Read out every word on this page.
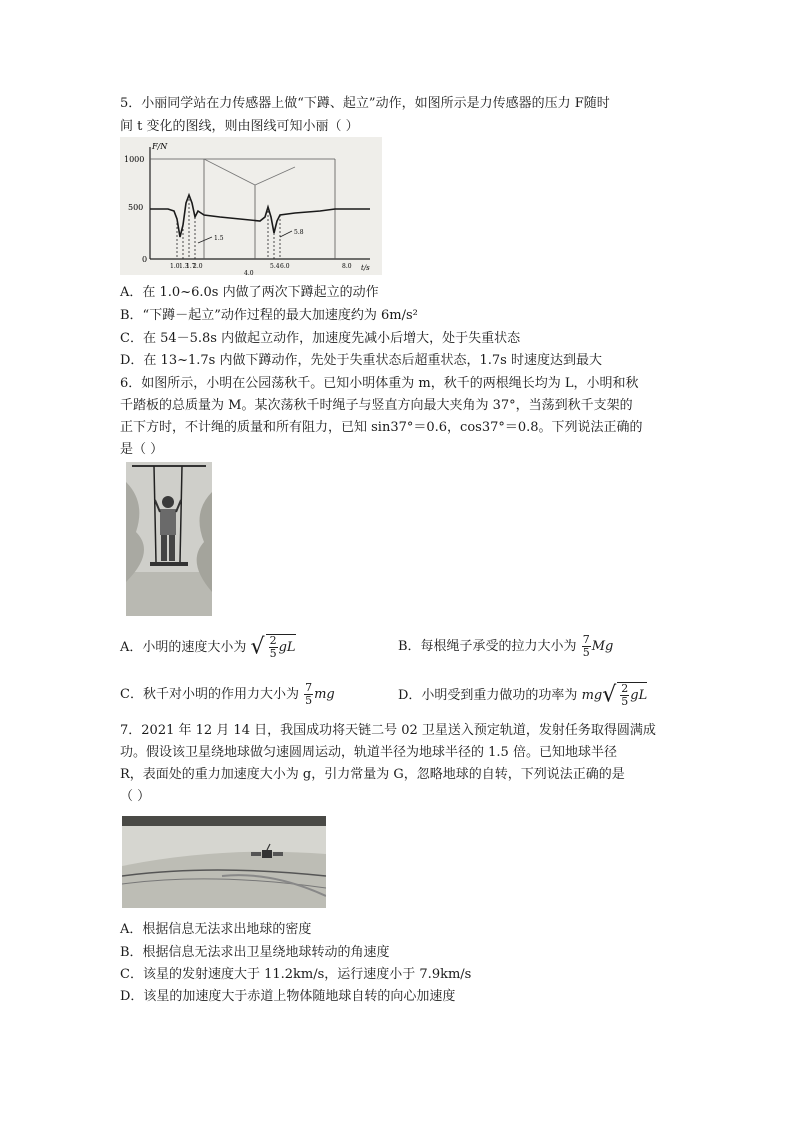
5．小丽同学站在力传感器上做“下蹲、起立”动作，如图所示是力传感器的压力 F随时
间 t 变化的图线，则由图线可知小丽（ ）
F/N
1000
500
0
t/s
1.0 1.3
1.5
1.7
2.0
4.0
5.4
5.8
6.0	8.0
A．在 1.0~6.0s 内做了两次下蹲起立的动作
B．“下蹲－起立”动作过程的最大加速度约为 6m/s²
C．在 54－5.8s 内做起立动作，加速度先减小后增大，处于失重状态
D．在 13~1.7s 内做下蹲动作，先处于失重状态后超重状态，1.7s 时速度达到最大
6．如图所示，小明在公园荡秋千。已知小明体重为 m，秋千的两根绳长均为 L，小明和秋
千踏板的总质量为 M。某次荡秋千时绳子与竖直方向最大夹角为 37°，当荡到秋千支架的
正下方时，不计绳的质量和所有阻力，已知 sin37°＝0.6，cos37°＝0.8。下列说法正确的
是（ ）
A．小明的速度大小为 √ $\frac{2}{5}$ gL	B．每根绳子承受的拉力大小为 $\frac{7}{5}$ Mg
C．秋千对小明的作用力大小为 $\frac{7}{5}$ mg	D．小明受到重力做功的功率为 $mg√ \frac{2}{5}$ gL
7．2021 年 12 月 14 日，我国成功将天链二号 02 卫星送入预定轨道，发射任务取得圆满成
功。假设该卫星绕地球做匀速圆周运动，轨道半径为地球半径的 1.5 倍。已知地球半径
R，表面处的重力加速度大小为 g，引力常量为 G，忽略地球的自转，下列说法正确的是
（ ）
A．根据信息无法求出地球的密度
B．根据信息无法求出卫星绕地球转动的角速度
C．该星的发射速度大于 11.2km/s，运行速度小于 7.9km/s
D．该星的加速度大于赤道上物体随地球自转的向心加速度
